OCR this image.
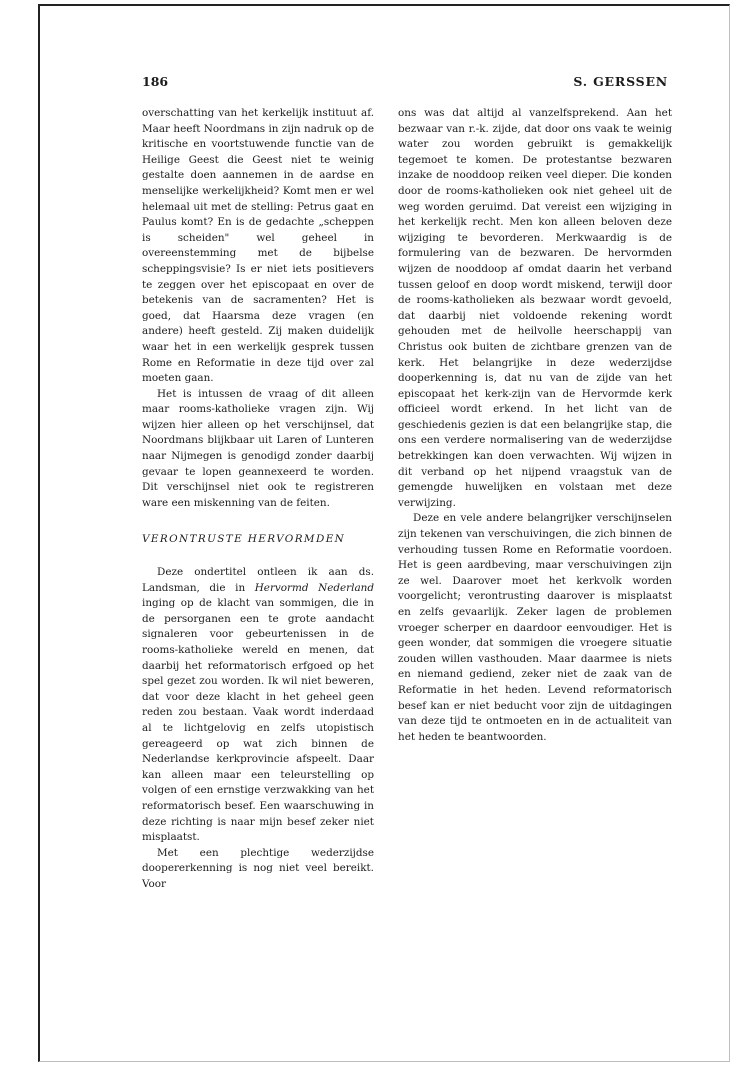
186	S. GERSSEN

overschatting van het kerkelijk instituut af. Maar heeft Noordmans in zijn nadruk op de kritische en voortstuwende functie van de Heilige Geest die Geest niet te weinig gestalte doen aannemen in de aardse en menselijke werkelijkheid? Komt men er wel helemaal uit met de stelling: Petrus gaat en Paulus komt? En is de gedachte „scheppen is scheiden" wel geheel in overeenstemming met de bijbelse scheppingsvisie? Is er niet iets positievers te zeggen over het episcopaat en over de betekenis van de sacramenten? Het is goed, dat Haarsma deze vragen (en andere) heeft gesteld. Zij maken duidelijk waar het in een werkelijk gesprek tussen Rome en Reformatie in deze tijd over zal moeten gaan.

Het is intussen de vraag of dit alleen maar rooms-katholieke vragen zijn. Wij wijzen hier alleen op het verschijnsel, dat Noordmans blijkbaar uit Laren of Lunteren naar Nijmegen is genodigd zonder daarbij gevaar te lopen geannexeerd te worden. Dit verschijnsel niet ook te registreren ware een miskenning van de feiten.

VERONTRUSTE HERVORMDEN

Deze ondertitel ontleen ik aan ds. Landsman, die in Hervormd Nederland inging op de klacht van sommigen, die in de persorganen een te grote aandacht signaleren voor gebeurtenissen in de rooms-katholieke wereld en menen, dat daarbij het reformatorisch erfgoed op het spel gezet zou worden. Ik wil niet beweren, dat voor deze klacht in het geheel geen reden zou bestaan. Vaak wordt inderdaad al te lichtgelovig en zelfs utopistisch gereageerd op wat zich binnen de Nederlandse kerkprovincie afspeelt. Daar kan alleen maar een teleurstelling op volgen of een ernstige verzwakking van het reformatorisch besef. Een waarschuwing in deze richting is naar mijn besef zeker niet misplaatst.

Met een plechtige wederzijdse doopererkenning is nog niet veel bereikt. Voor

ons was dat altijd al vanzelfsprekend. Aan het bezwaar van r.-k. zijde, dat door ons vaak te weinig water zou worden gebruikt is gemakkelijk tegemoet te komen. De protestantse bezwaren inzake de nooddoop reiken veel dieper. Die konden door de rooms-katholieken ook niet geheel uit de weg worden geruimd. Dat vereist een wijziging in het kerkelijk recht. Men kon alleen beloven deze wijziging te bevorderen. Merkwaardig is de formulering van de bezwaren. De hervormden wijzen de nooddoop af omdat daarin het verband tussen geloof en doop wordt miskend, terwijl door de rooms-katholieken als bezwaar wordt gevoeld, dat daarbij niet voldoende rekening wordt gehouden met de heilvolle heerschappij van Christus ook buiten de zichtbare grenzen van de kerk. Het belangrijke in deze wederzijdse dooperkenning is, dat nu van de zijde van het episcopaat het kerk-zijn van de Hervormde kerk officieel wordt erkend. In het licht van de geschiedenis gezien is dat een belangrijke stap, die ons een verdere normalisering van de wederzijdse betrekkingen kan doen verwachten. Wij wijzen in dit verband op het nijpend vraagstuk van de gemengde huwelijken en volstaan met deze verwijzing.

Deze en vele andere belangrijker verschijnselen zijn tekenen van verschuivingen, die zich binnen de verhouding tussen Rome en Reformatie voordoen. Het is geen aardbeving, maar verschuivingen zijn ze wel. Daarover moet het kerkvolk worden voorgelicht; verontrusting daarover is misplaatst en zelfs gevaarlijk. Zeker lagen de problemen vroeger scherper en daardoor eenvoudiger. Het is geen wonder, dat sommigen die vroegere situatie zouden willen vasthouden. Maar daarmee is niets en niemand gediend, zeker niet de zaak van de Reformatie in het heden. Levend reformatorisch besef kan er niet beducht voor zijn de uitdagingen van deze tijd te ontmoeten en in de actualiteit van het heden te beantwoorden.
